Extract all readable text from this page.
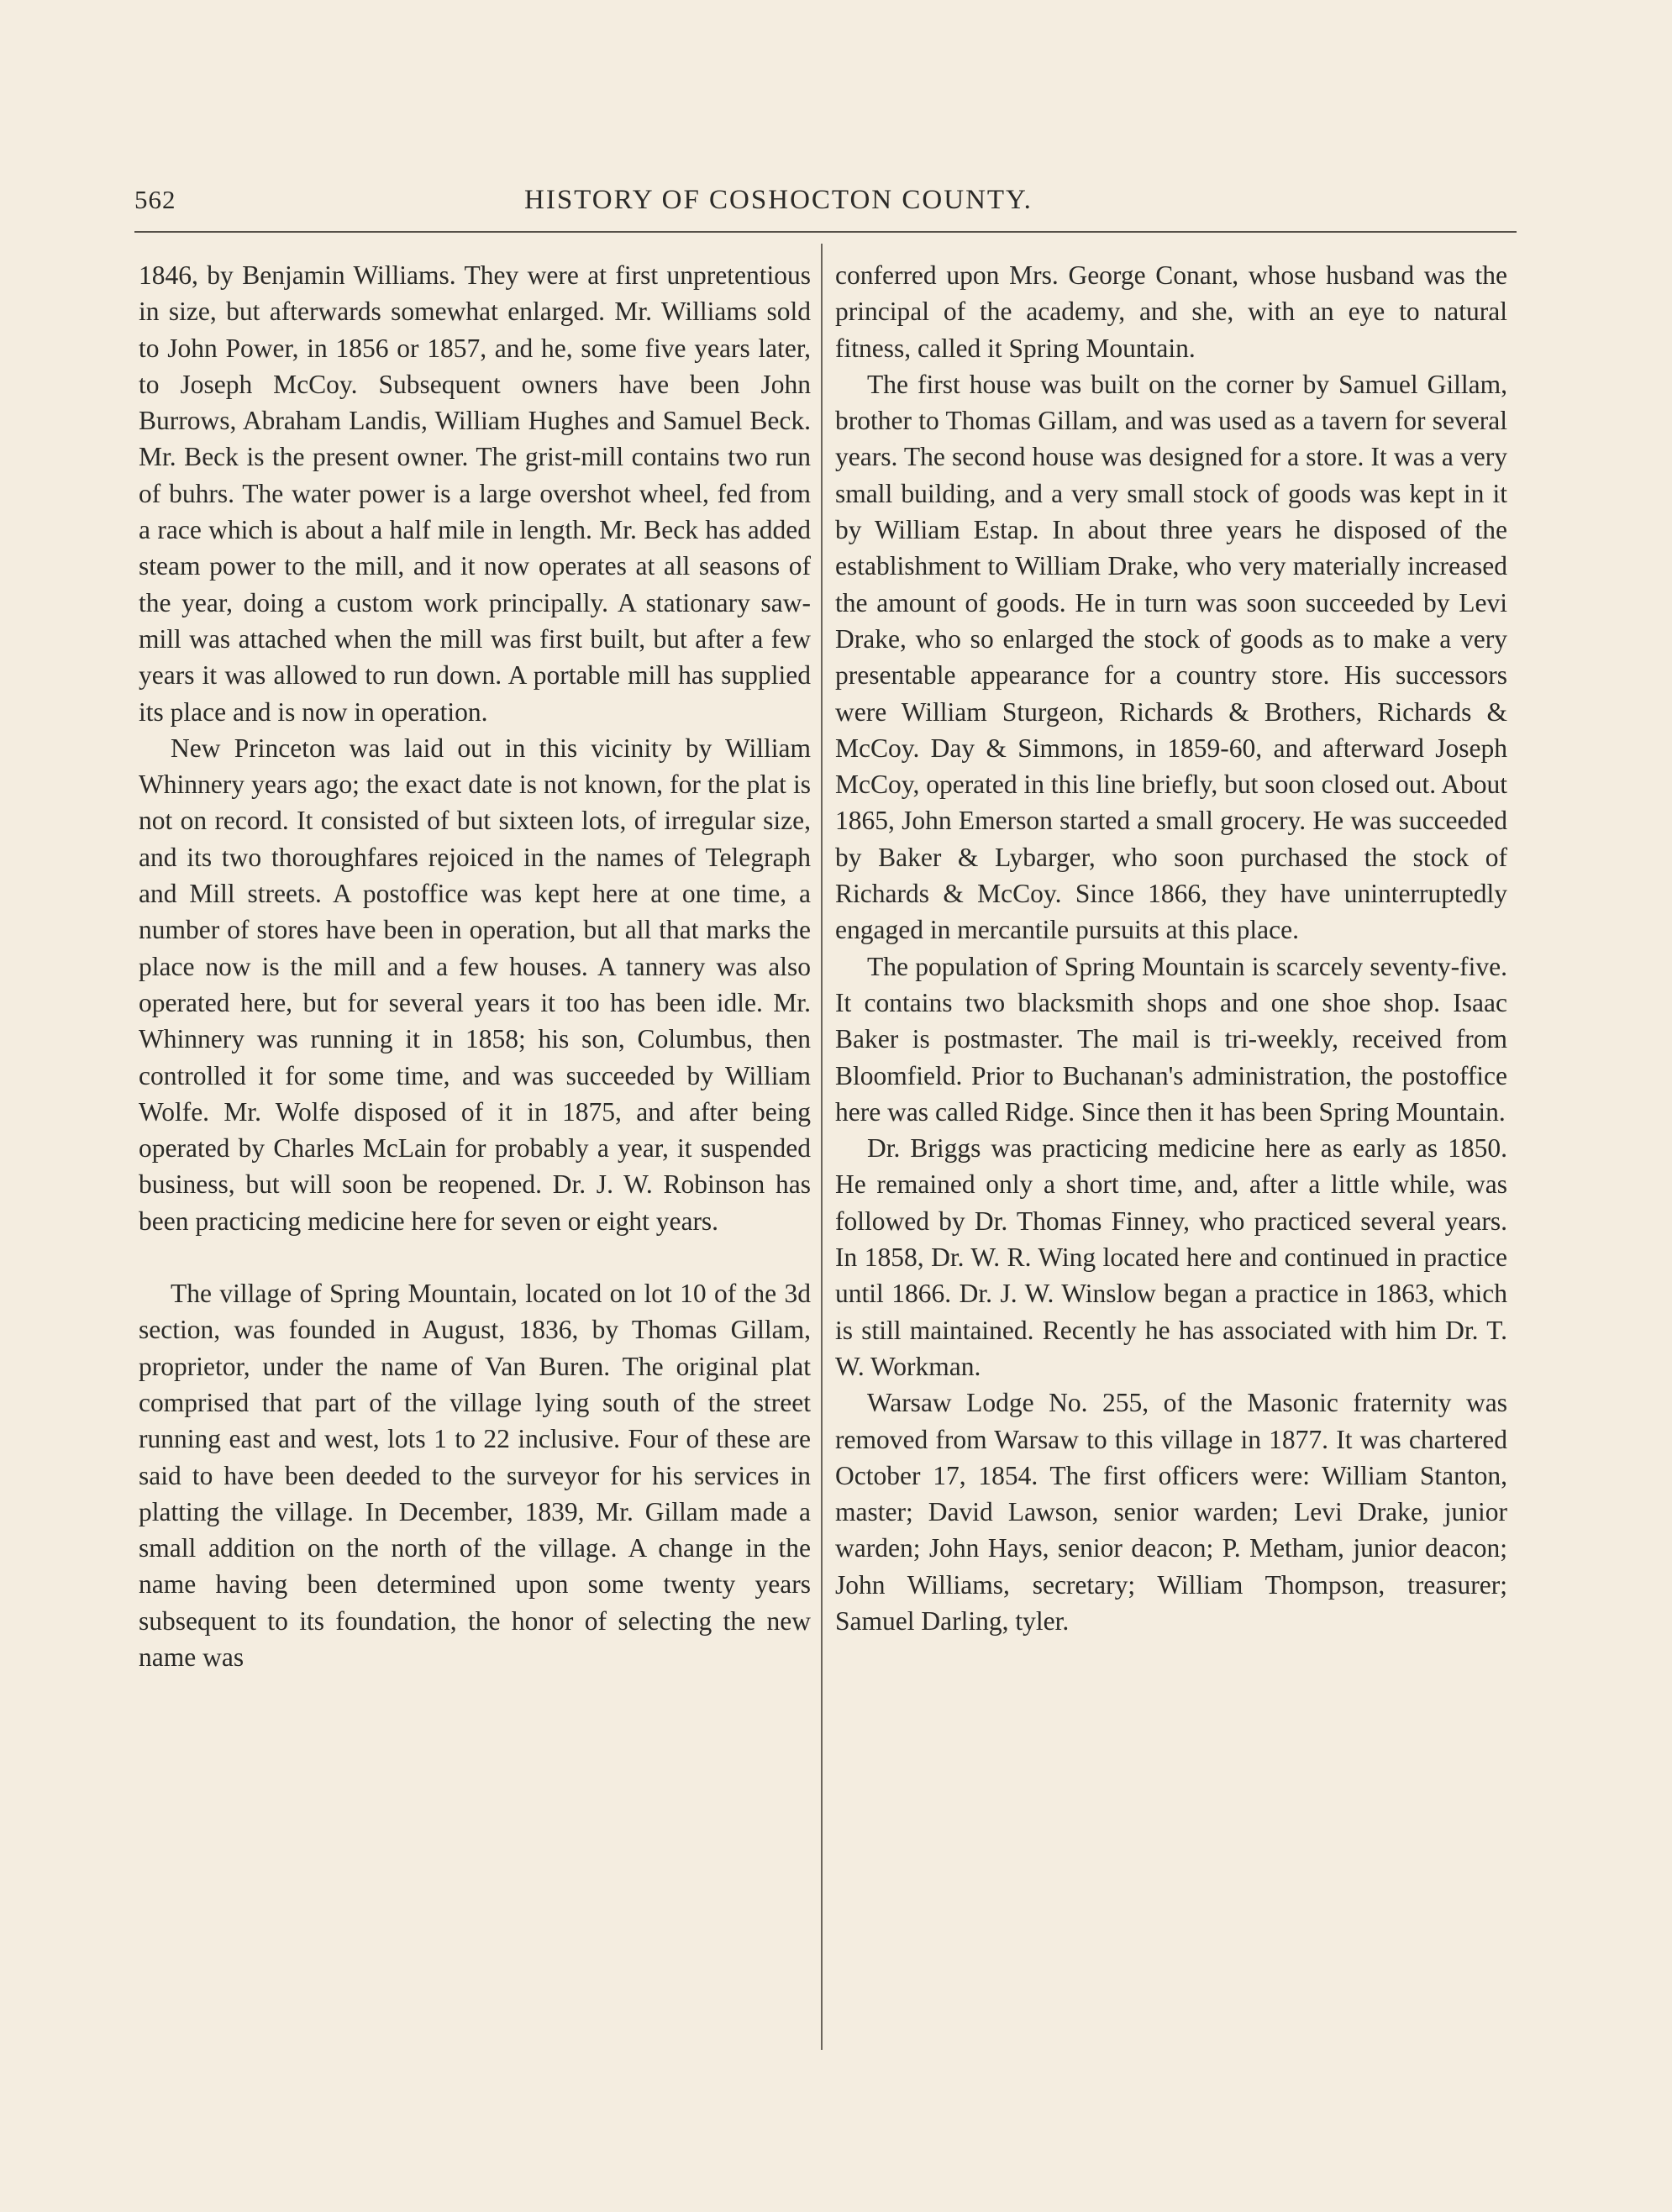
562	HISTORY OF COSHOCTON COUNTY.

1846, by Benjamin Williams. They were at first unpretentious in size, but afterwards somewhat enlarged. Mr. Williams sold to John Power, in 1856 or 1857, and he, some five years later, to Joseph McCoy. Subsequent owners have been John Burrows, Abraham Landis, William Hughes and Samuel Beck. Mr. Beck is the present owner. The grist-mill contains two run of buhrs. The water power is a large overshot wheel, fed from a race which is about a half mile in length. Mr. Beck has added steam power to the mill, and it now operates at all seasons of the year, doing a custom work principally. A stationary saw-mill was attached when the mill was first built, but after a few years it was allowed to run down. A portable mill has supplied its place and is now in operation.

New Princeton was laid out in this vicinity by William Whinnery years ago; the exact date is not known, for the plat is not on record. It consisted of but sixteen lots, of irregular size, and its two thoroughfares rejoiced in the names of Telegraph and Mill streets. A postoffice was kept here at one time, a number of stores have been in operation, but all that marks the place now is the mill and a few houses. A tannery was also operated here, but for several years it too has been idle. Mr. Whinnery was running it in 1858; his son, Columbus, then controlled it for some time, and was succeeded by William Wolfe. Mr. Wolfe disposed of it in 1875, and after being operated by Charles McLain for probably a year, it suspended business, but will soon be reopened. Dr. J. W. Robinson has been practicing medicine here for seven or eight years.

The village of Spring Mountain, located on lot 10 of the 3d section, was founded in August, 1836, by Thomas Gillam, proprietor, under the name of Van Buren. The original plat comprised that part of the village lying south of the street running east and west, lots 1 to 22 inclusive. Four of these are said to have been deeded to the surveyor for his services in platting the village. In December, 1839, Mr. Gillam made a small addition on the north of the village. A change in the name having been determined upon some twenty years subsequent to its foundation, the honor of selecting the new name was

conferred upon Mrs. George Conant, whose husband was the principal of the academy, and she, with an eye to natural fitness, called it Spring Mountain.

The first house was built on the corner by Samuel Gillam, brother to Thomas Gillam, and was used as a tavern for several years. The second house was designed for a store. It was a very small building, and a very small stock of goods was kept in it by William Estap. In about three years he disposed of the establishment to William Drake, who very materially increased the amount of goods. He in turn was soon succeeded by Levi Drake, who so enlarged the stock of goods as to make a very presentable appearance for a country store. His successors were William Sturgeon, Richards & Brothers, Richards & McCoy. Day & Simmons, in 1859-60, and afterward Joseph McCoy, operated in this line briefly, but soon closed out. About 1865, John Emerson started a small grocery. He was succeeded by Baker & Lybarger, who soon purchased the stock of Richards & McCoy. Since 1866, they have uninterruptedly engaged in mercantile pursuits at this place.

The population of Spring Mountain is scarcely seventy-five. It contains two blacksmith shops and one shoe shop. Isaac Baker is postmaster. The mail is tri-weekly, received from Bloomfield. Prior to Buchanan's administration, the postoffice here was called Ridge. Since then it has been Spring Mountain.

Dr. Briggs was practicing medicine here as early as 1850. He remained only a short time, and, after a little while, was followed by Dr. Thomas Finney, who practiced several years. In 1858, Dr. W. R. Wing located here and continued in practice until 1866. Dr. J. W. Winslow began a practice in 1863, which is still maintained. Recently he has associated with him Dr. T. W. Workman.

Warsaw Lodge No. 255, of the Masonic fraternity was removed from Warsaw to this village in 1877. It was chartered October 17, 1854. The first officers were: William Stanton, master; David Lawson, senior warden; Levi Drake, junior warden; John Hays, senior deacon; P. Metham, junior deacon; John Williams, secretary; William Thompson, treasurer; Samuel Darling, tyler.
